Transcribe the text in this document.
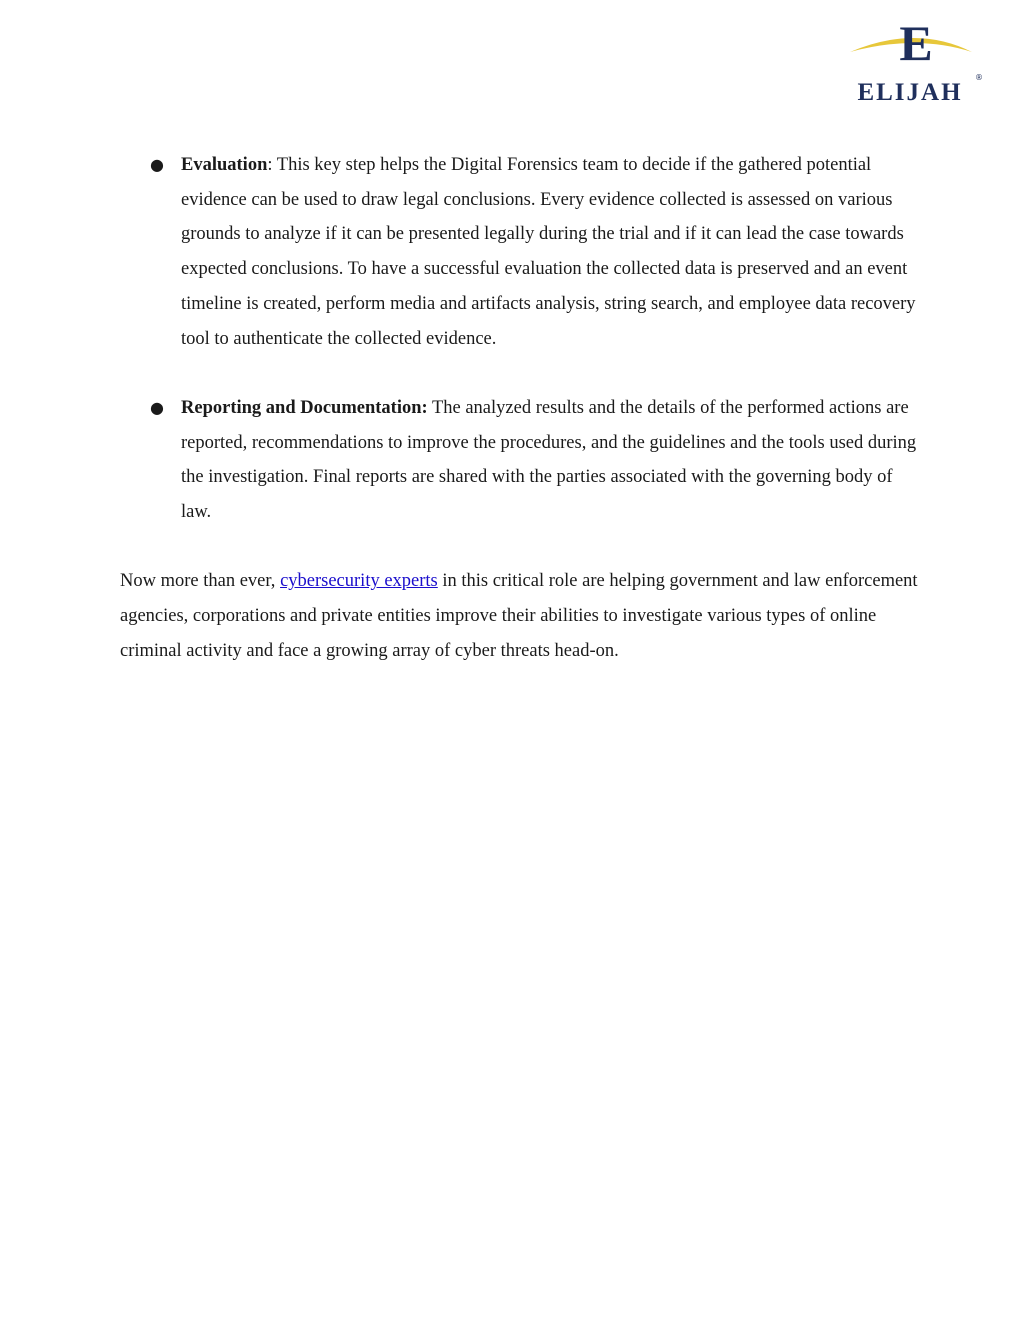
E
ELIJAH
®
● Evaluation: This key step helps the Digital Forensics team to decide if the gathered potential evidence can be used to draw legal conclusions. Every evidence collected is assessed on various grounds to analyze if it can be presented legally during the trial and if it can lead the case towards expected conclusions. To have a successful evaluation the collected data is preserved and an event timeline is created, perform media and artifacts analysis, string search, and employee data recovery tool to authenticate the collected evidence.
● Reporting and Documentation: The analyzed results and the details of the performed actions are reported, recommendations to improve the procedures, and the guidelines and the tools used during the investigation. Final reports are shared with the parties associated with the governing body of law.

Now more than ever, cybersecurity experts in this critical role are helping government and law enforcement agencies, corporations and private entities improve their abilities to investigate various types of online criminal activity and face a growing array of cyber threats head-on.
